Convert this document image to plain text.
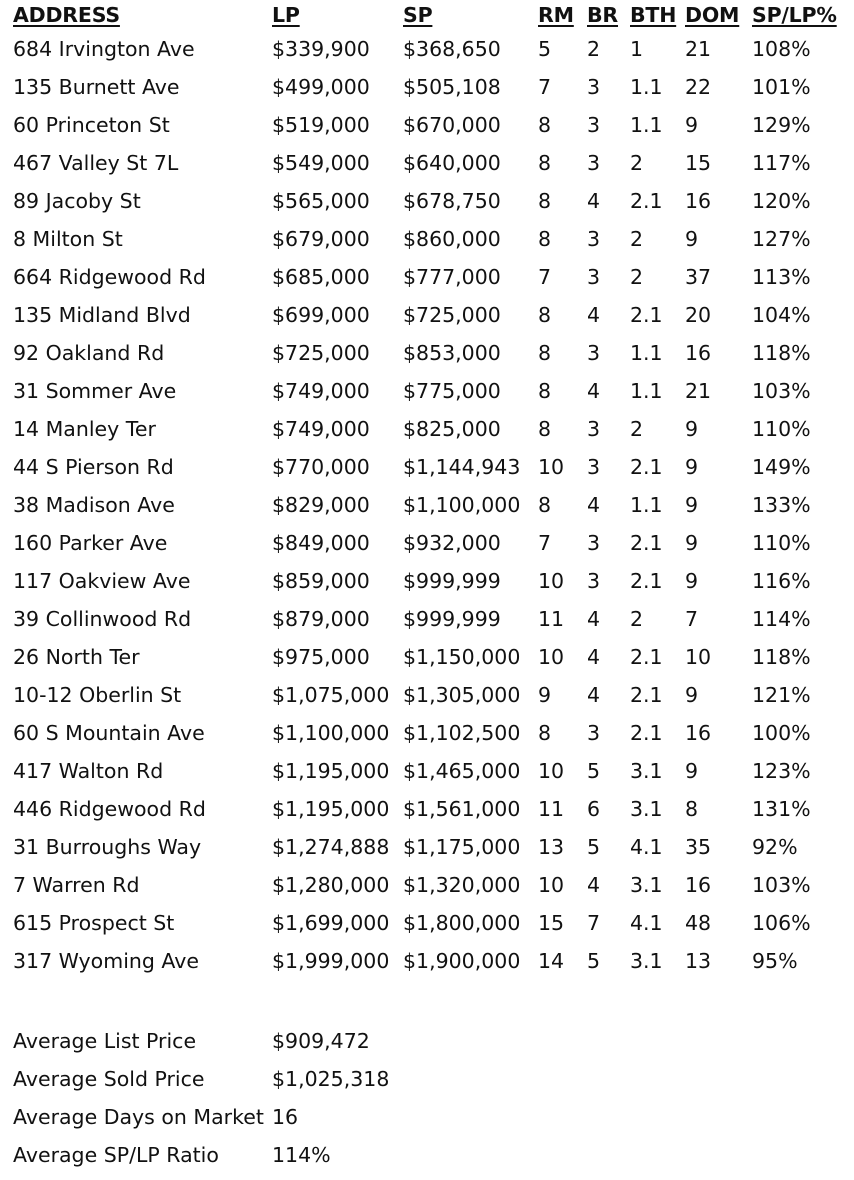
ADDRESS	LP	SP	RM BR BTH DOM SP/LP%
684 Irvington Ave	$339,900 $368,650 5 2 1 21 108%
135 Burnett Ave	$499,000 $505,108 7 3 1.1 22 101%
60 Princeton St	$519,000 $670,000 8 3 1.1 9	129%
467 Valley St 7L	$549,000 $640,000 8 3 2 15 117%
89 Jacoby St	$565,000 $678,750 8 4 2.1 16 120%
8 Milton St	$679,000 $860,000 8 3 2 9	127%
664 Ridgewood Rd	$685,000 $777,000 7 3 2 37 113%
135 Midland Blvd	$699,000 $725,000 8 4 2.1 20 104%
92 Oakland Rd	$725,000 $853,000 8 3 1.1 16 118%
31 Sommer Ave	$749,000 $775,000 8 4 1.1 21 103%
14 Manley Ter	$749,000 $825,000 8 3 2 9	110%
44 S Pierson Rd	$770,000 $1,144,943 10 3 2.1 9	149%
38 Madison Ave	$829,000 $1,100,000 8 4 1.1 9	133%
160 Parker Ave	$849,000 $932,000 7 3 2.1 9	110%
117 Oakview Ave	$859,000 $999,999 10 3 2.1 9	116%
39 Collinwood Rd	$879,000 $999,999 11 4 2 7	114%
26 North Ter	$975,000 $1,150,000 10 4 2.1 10 118%
10-12 Oberlin St	$1,075,000 $1,305,000 9 4 2.1 9	121%
60 S Mountain Ave	$1,100,000 $1,102,500 8 3 2.1 16 100%
417 Walton Rd	$1,195,000 $1,465,000 10 5 3.1 9	123%
446 Ridgewood Rd	$1,195,000 $1,561,000 11 6 3.1 8	131%
31 Burroughs Way	$1,274,888 $1,175,000 13 5 4.1 35 92%
7 Warren Rd	$1,280,000 $1,320,000 10 4 3.1 16 103%
615 Prospect St	$1,699,000 $1,800,000 15 7 4.1 48 106%
317 Wyoming Ave	$1,999,000 $1,900,000 14 5 3.1 13 95%
Average List Price	$909,472
Average Sold Price	$1,025,318
Average Days on Market 16
Average SP/LP Ratio	114%
